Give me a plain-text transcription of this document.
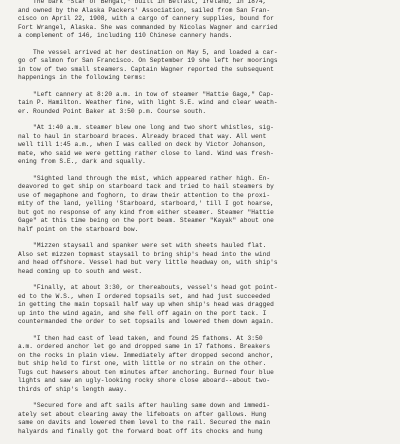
The bark "Star of Bengal," built in Belfast, Ireland, in 1874,
and owned by the Alaska Packers' Association, sailed from San Fran-
cisco on April 22, 1908, with a cargo of cannery supplies, bound for
Fort Wrangel, Alaska. She was commanded by Nicolas Wagner and carried
a complement of 146, including 110 Chinese cannery hands.
The vessel arrived at her destination on May 5, and loaded a car-
go of salmon for San Francisco. On September 19 she left her moorings
in tow of two small steamers. Captain Wagner reported the subsequent
happenings in the following terms:
"Left cannery at 8:20 a.m. in tow of steamer "Hattie Gage," Cap-
tain P. Hamilton. Weather fine, with light S.E. wind and clear weath-
er. Rounded Point Baker at 3:50 p.m. Course south.
"At 1:40 a.m. steamer blew one long and two short whistles, sig-
nal to haul in starboard braces. Already braced that way. All went
well till 1:45 a.m., when I was called on deck by Victor Johanson,
mate, who said we were getting rather close to land. Wind was fresh-
ening from S.E., dark and squally.
"Sighted land through the mist, which appeared rather high. En-
deavored to get ship on starboard tack and tried to hail steamers by
use of megaphone and foghorn, to draw their attention to the proxi-
mity of the land, yelling 'Starboard, starboard,' till I got hoarse,
but got no response of any kind from either steamer. Steamer "Hattie
Gage" at this time being on the port beam. Steamer "Kayak" about one
half point on the starboard bow.
"Mizzen staysail and spanker were set with sheets hauled flat.
Also set mizzen topmast staysail to bring ship's head into the wind
and head offshore. Vessel had but very little headway on, with ship's
head coming up to south and west.
"Finally, at about 3:30, or thereabouts, vessel's head got point-
ed to the W.S., when I ordered topsails set, and had just succeeded
in getting the main topsail half way up when ship's head was dragged
up into the wind again, and she fell off again on the port tack. I
countermanded the order to set topsails and lowered them down again.
"I then had cast of lead taken, and found 25 fathoms. At 3:50
a.m. ordered anchor let go and dropped same in 17 fathoms. Breakers
on the rocks in plain view. Immediately after dropped second anchor,
but ship held to first one, with little or no strain on the other.
Tugs cut hawsers about ten minutes after anchoring. Burned four blue
lights and saw an ugly-looking rocky shore close aboard--about two-
thirds of ship's length away.
"Secured fore and aft sails after hauling same down and immedi-
ately set about clearing away the lifeboats on after gallows. Hung
same on davits and lowered them level to the rail. Secured the main
halyards and finally got the forward boat off its chocks and hung
